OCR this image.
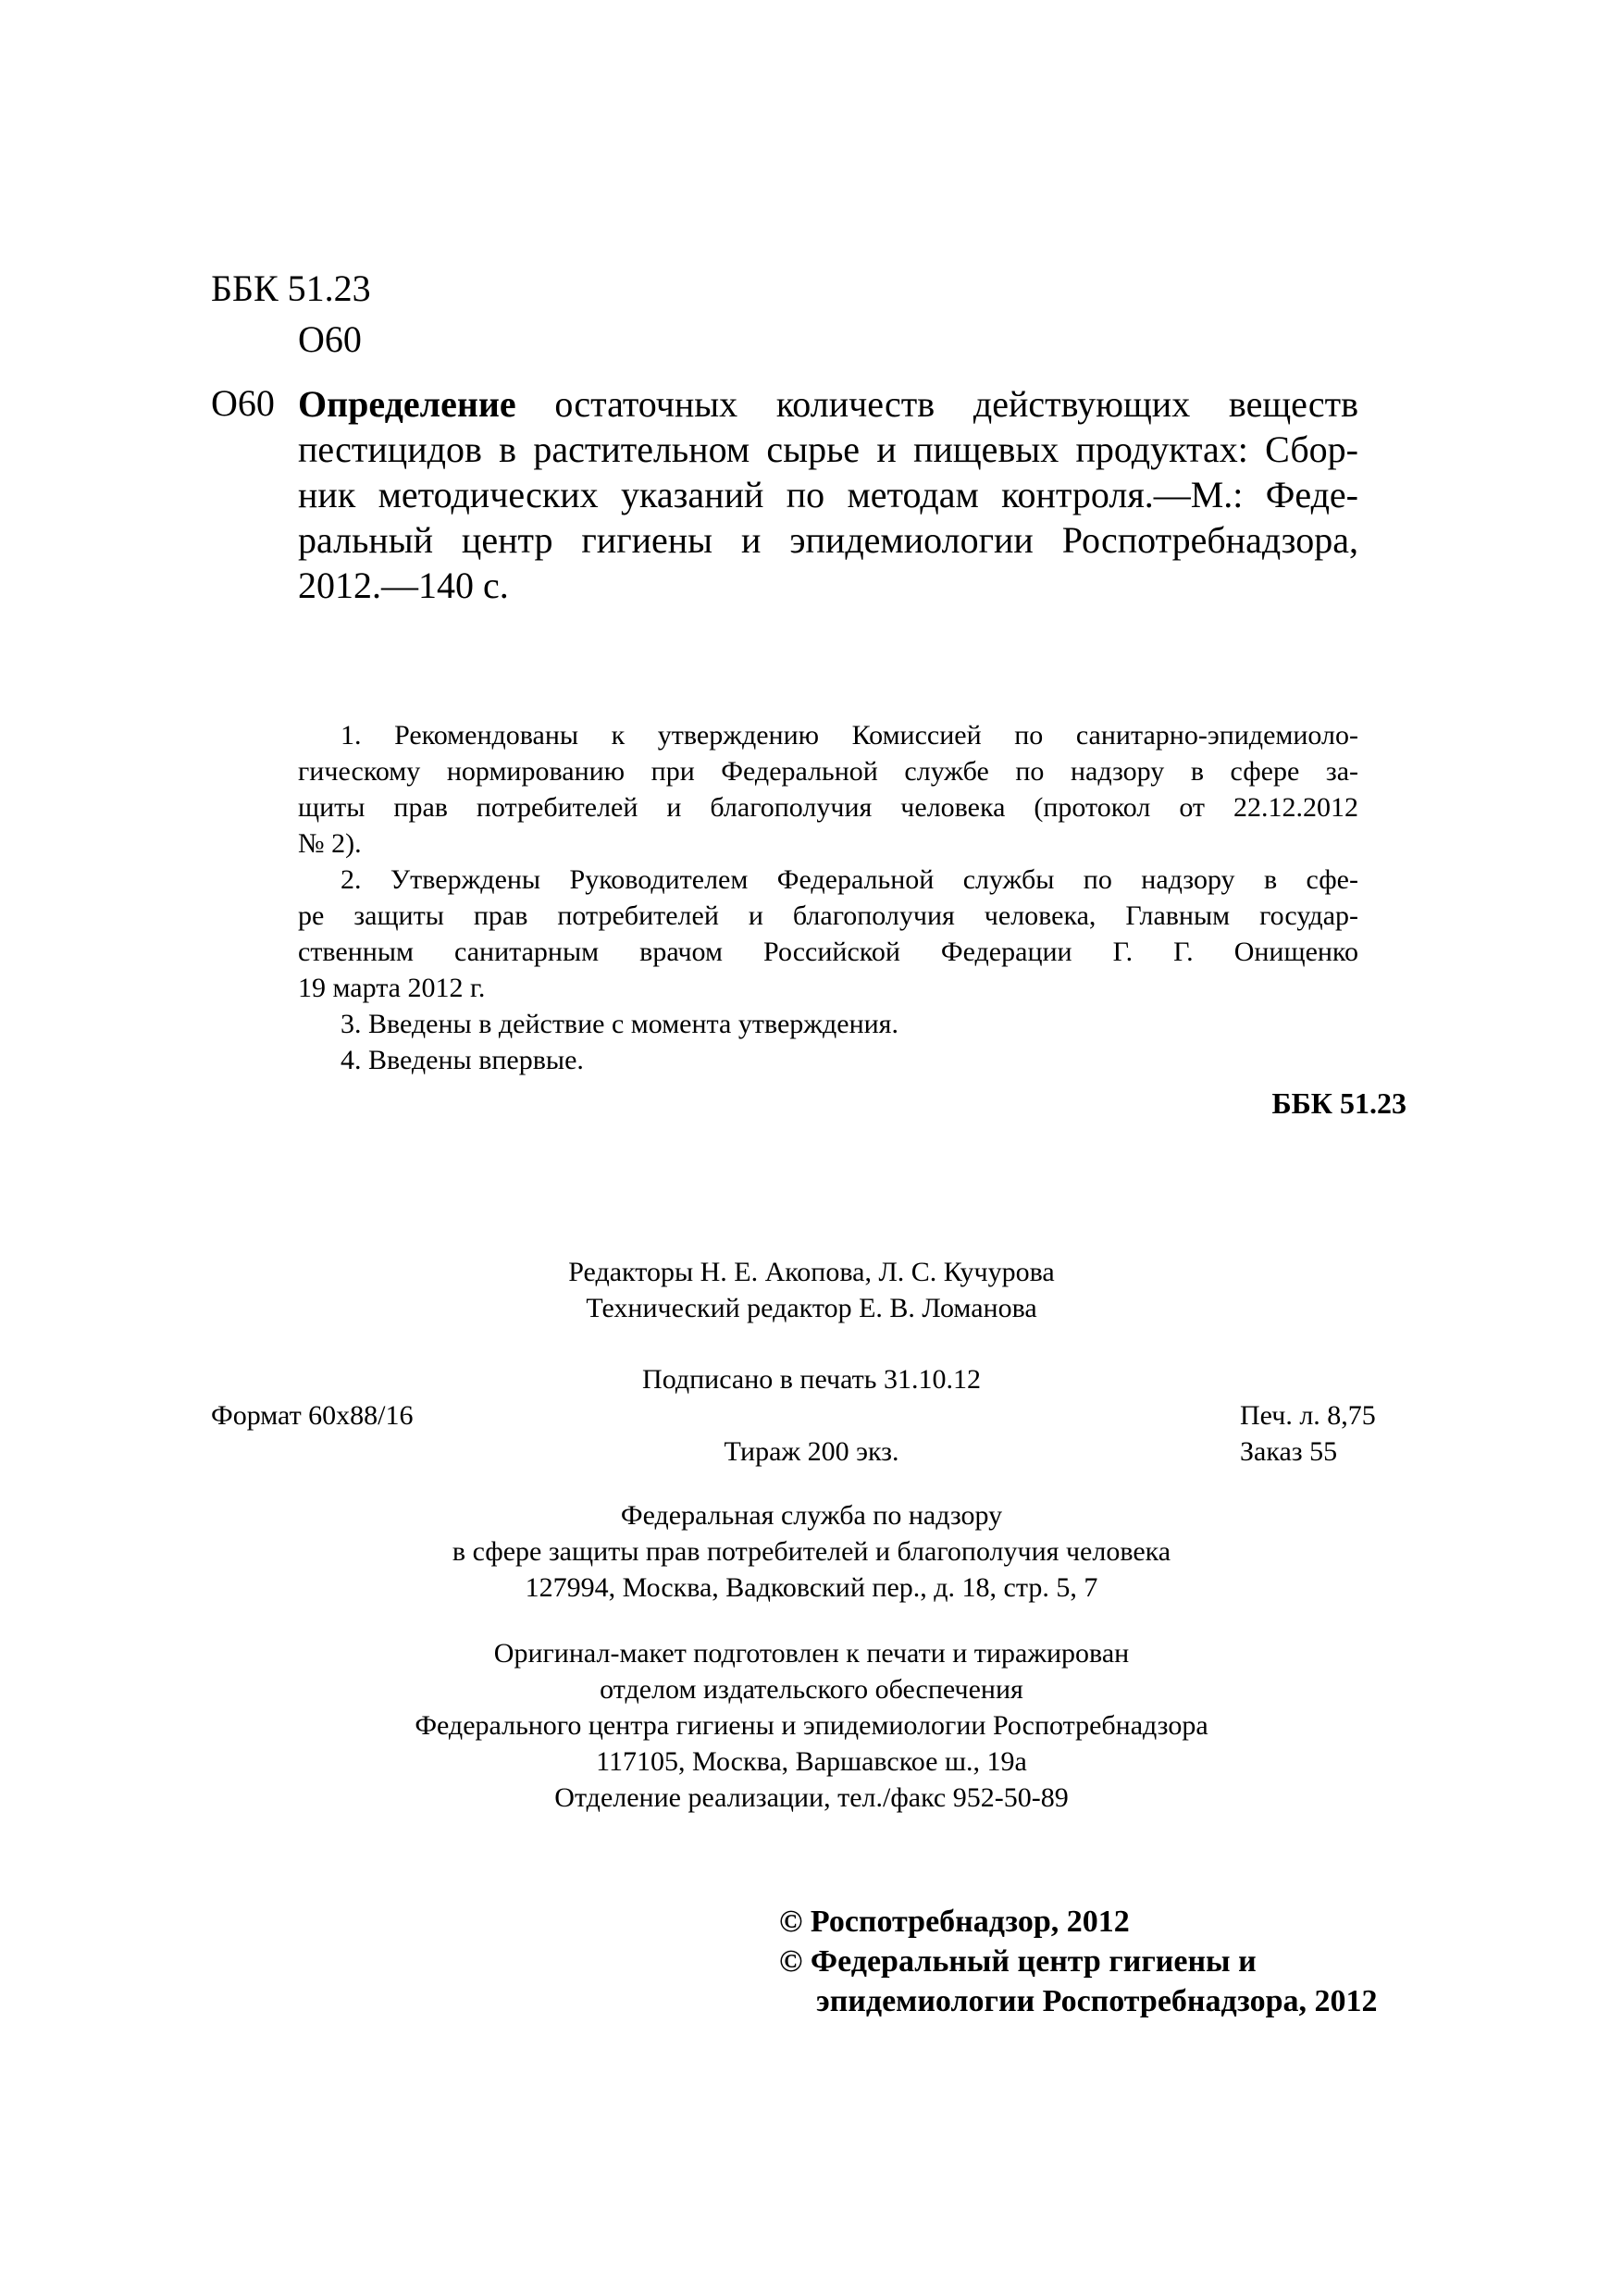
ББК 51.23
О60
О60 Определение остаточных количеств действующих веществ
пестицидов в растительном сырье и пищевых продуктах: Сбор-
ник методических указаний по методам контроля.—М.: Феде-
ральный центр гигиены и эпидемиологии Роспотребнадзора,
2012.—140 с.
1. Рекомендованы к утверждению Комиссией по санитарно-эпидемиоло-
гическому нормированию при Федеральной службе по надзору в сфере за-
щиты прав потребителей и благополучия человека (протокол от 22.12.2012
№ 2).
2. Утверждены Руководителем Федеральной службы по надзору в сфе-
ре защиты прав потребителей и благополучия человека, Главным государ-
ственным санитарным врачом Российской Федерации Г. Г. Онищенко
19 марта 2012 г.
3. Введены в действие с момента утверждения.
4. Введены впервые.
ББК 51.23
Редакторы Н. Е. Акопова, Л. С. Кучурова
Технический редактор Е. В. Ломанова
Подписано в печать 31.10.12
Формат 60х88/16	Печ. л. 8,75
Тираж 200 экз.	Заказ 55
Федеральная служба по надзору
в сфере защиты прав потребителей и благополучия человека
127994, Москва, Вадковский пер., д. 18, стр. 5, 7
Оригинал-макет подготовлен к печати и тиражирован
отделом издательского обеспечения
Федерального центра гигиены и эпидемиологии Роспотребнадзора
117105, Москва, Варшавское ш., 19а
Отделение реализации, тел./факс 952-50-89
© Роспотребнадзор, 2012
© Федеральный центр гигиены и
эпидемиологии Роспотребнадзора, 2012
